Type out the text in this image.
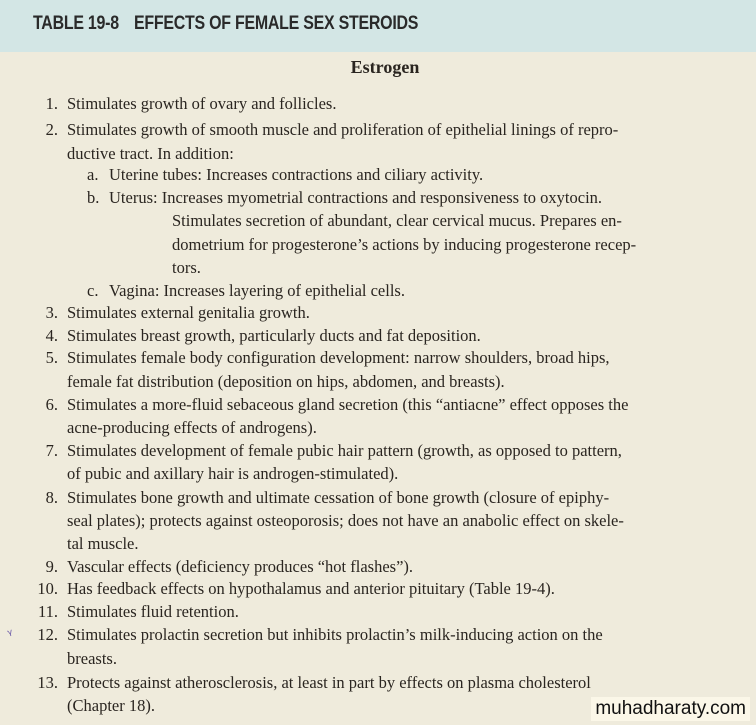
TABLE 19-8 EFFECTS OF FEMALE SEX STEROIDS
Estrogen
1. Stimulates growth of ovary and follicles.
2. Stimulates growth of smooth muscle and proliferation of epithelial linings of repro-
ductive tract. In addition:
a. Uterine tubes: Increases contractions and ciliary activity.
b. Uterus: Increases myometrial contractions and responsiveness to oxytocin.
Stimulates secretion of abundant, clear cervical mucus. Prepares en-
dometrium for progesterone’s actions by inducing progesterone recep-
tors.
c. Vagina: Increases layering of epithelial cells.
3. Stimulates external genitalia growth.
4. Stimulates breast growth, particularly ducts and fat deposition.
5. Stimulates female body configuration development: narrow shoulders, broad hips,
female fat distribution (deposition on hips, abdomen, and breasts).
6. Stimulates a more-fluid sebaceous gland secretion (this “antiacne” effect opposes the
acne-producing effects of androgens).
7. Stimulates development of female pubic hair pattern (growth, as opposed to pattern,
of pubic and axillary hair is androgen-stimulated).
8. Stimulates bone growth and ultimate cessation of bone growth (closure of epiphy-
seal plates); protects against osteoporosis; does not have an anabolic effect on skele-
tal muscle.
9. Vascular effects (deficiency produces “hot flashes”).
10. Has feedback effects on hypothalamus and anterior pituitary (Table 19-4).
11. Stimulates fluid retention.
12. Stimulates prolactin secretion but inhibits prolactin’s milk-inducing action on the
breasts.
13. Protects against atherosclerosis, at least in part by effects on plasma cholesterol
(Chapter 18).
ᵞ
muhadharaty.com
